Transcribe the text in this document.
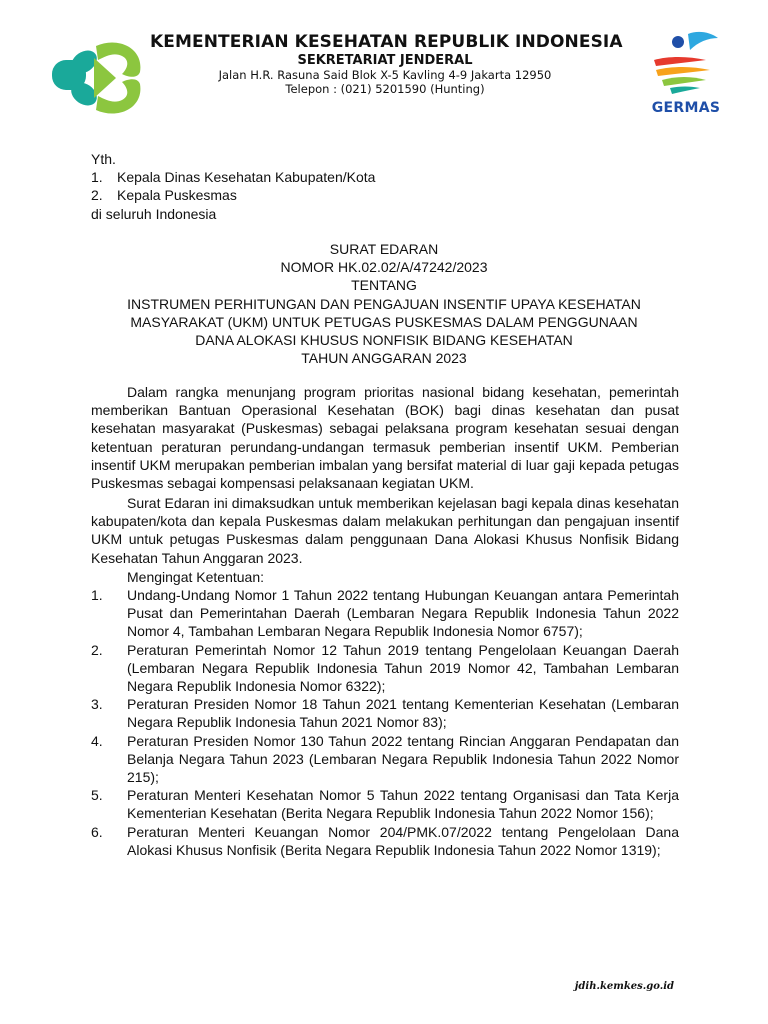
KEMENTERIAN KESEHATAN REPUBLIK INDONESIA
SEKRETARIAT JENDERAL
Jalan H.R. Rasuna Said Blok X-5 Kavling 4-9 Jakarta 12950
Telepon : (021) 5201590 (Hunting)
GERMAS
Yth.
1. Kepala Dinas Kesehatan Kabupaten/Kota
2. Kepala Puskesmas
di seluruh Indonesia
SURAT EDARAN
NOMOR HK.02.02/A/47242/2023
TENTANG
INSTRUMEN PERHITUNGAN DAN PENGAJUAN INSENTIF UPAYA KESEHATAN
MASYARAKAT (UKM) UNTUK PETUGAS PUSKESMAS DALAM PENGGUNAAN
DANA ALOKASI KHUSUS NONFISIK BIDANG KESEHATAN
TAHUN ANGGARAN 2023
Dalam rangka menunjang program prioritas nasional bidang kesehatan, pemerintah memberikan Bantuan Operasional Kesehatan (BOK) bagi dinas kesehatan dan pusat kesehatan masyarakat (Puskesmas) sebagai pelaksana program kesehatan sesuai dengan ketentuan peraturan perundang-undangan termasuk pemberian insentif UKM. Pemberian insentif UKM merupakan pemberian imbalan yang bersifat material di luar gaji kepada petugas Puskesmas sebagai kompensasi pelaksanaan kegiatan UKM.
Surat Edaran ini dimaksudkan untuk memberikan kejelasan bagi kepala dinas kesehatan kabupaten/kota dan kepala Puskesmas dalam melakukan perhitungan dan pengajuan insentif UKM untuk petugas Puskesmas dalam penggunaan Dana Alokasi Khusus Nonfisik Bidang Kesehatan Tahun Anggaran 2023.
Mengingat Ketentuan:
1. Undang-Undang Nomor 1 Tahun 2022 tentang Hubungan Keuangan antara Pemerintah Pusat dan Pemerintahan Daerah (Lembaran Negara Republik Indonesia Tahun 2022 Nomor 4, Tambahan Lembaran Negara Republik Indonesia Nomor 6757);
2. Peraturan Pemerintah Nomor 12 Tahun 2019 tentang Pengelolaan Keuangan Daerah (Lembaran Negara Republik Indonesia Tahun 2019 Nomor 42, Tambahan Lembaran Negara Republik Indonesia Nomor 6322);
3. Peraturan Presiden Nomor 18 Tahun 2021 tentang Kementerian Kesehatan (Lembaran Negara Republik Indonesia Tahun 2021 Nomor 83);
4. Peraturan Presiden Nomor 130 Tahun 2022 tentang Rincian Anggaran Pendapatan dan Belanja Negara Tahun 2023 (Lembaran Negara Republik Indonesia Tahun 2022 Nomor 215);
5. Peraturan Menteri Kesehatan Nomor 5 Tahun 2022 tentang Organisasi dan Tata Kerja Kementerian Kesehatan (Berita Negara Republik Indonesia Tahun 2022 Nomor 156);
6. Peraturan Menteri Keuangan Nomor 204/PMK.07/2022 tentang Pengelolaan Dana Alokasi Khusus Nonfisik (Berita Negara Republik Indonesia Tahun 2022 Nomor 1319);
jdih.kemkes.go.id
